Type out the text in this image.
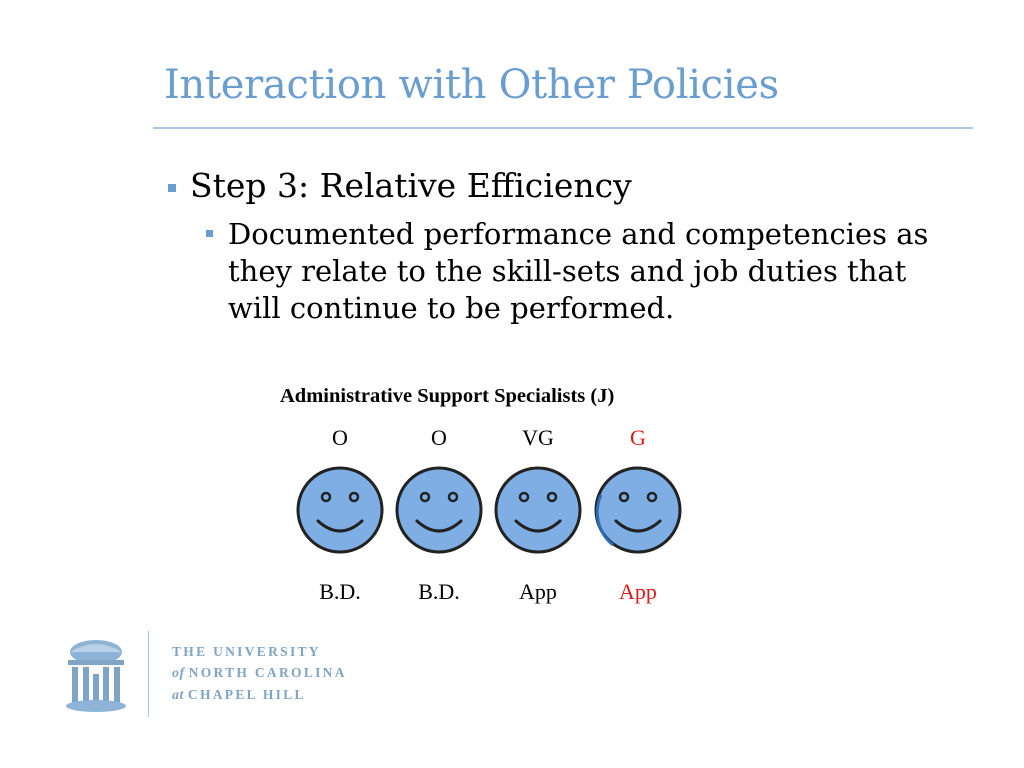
Interaction with Other Policies
Step 3: Relative Efficiency
Documented performance and competencies as they relate to the skill-sets and job duties that will continue to be performed.
Administrative Support Specialists (J)
O
B.D.
O
B.D.
VG
App
G
App
THE UNIVERSITY
of NORTH CAROLINA
at CHAPEL HILL
